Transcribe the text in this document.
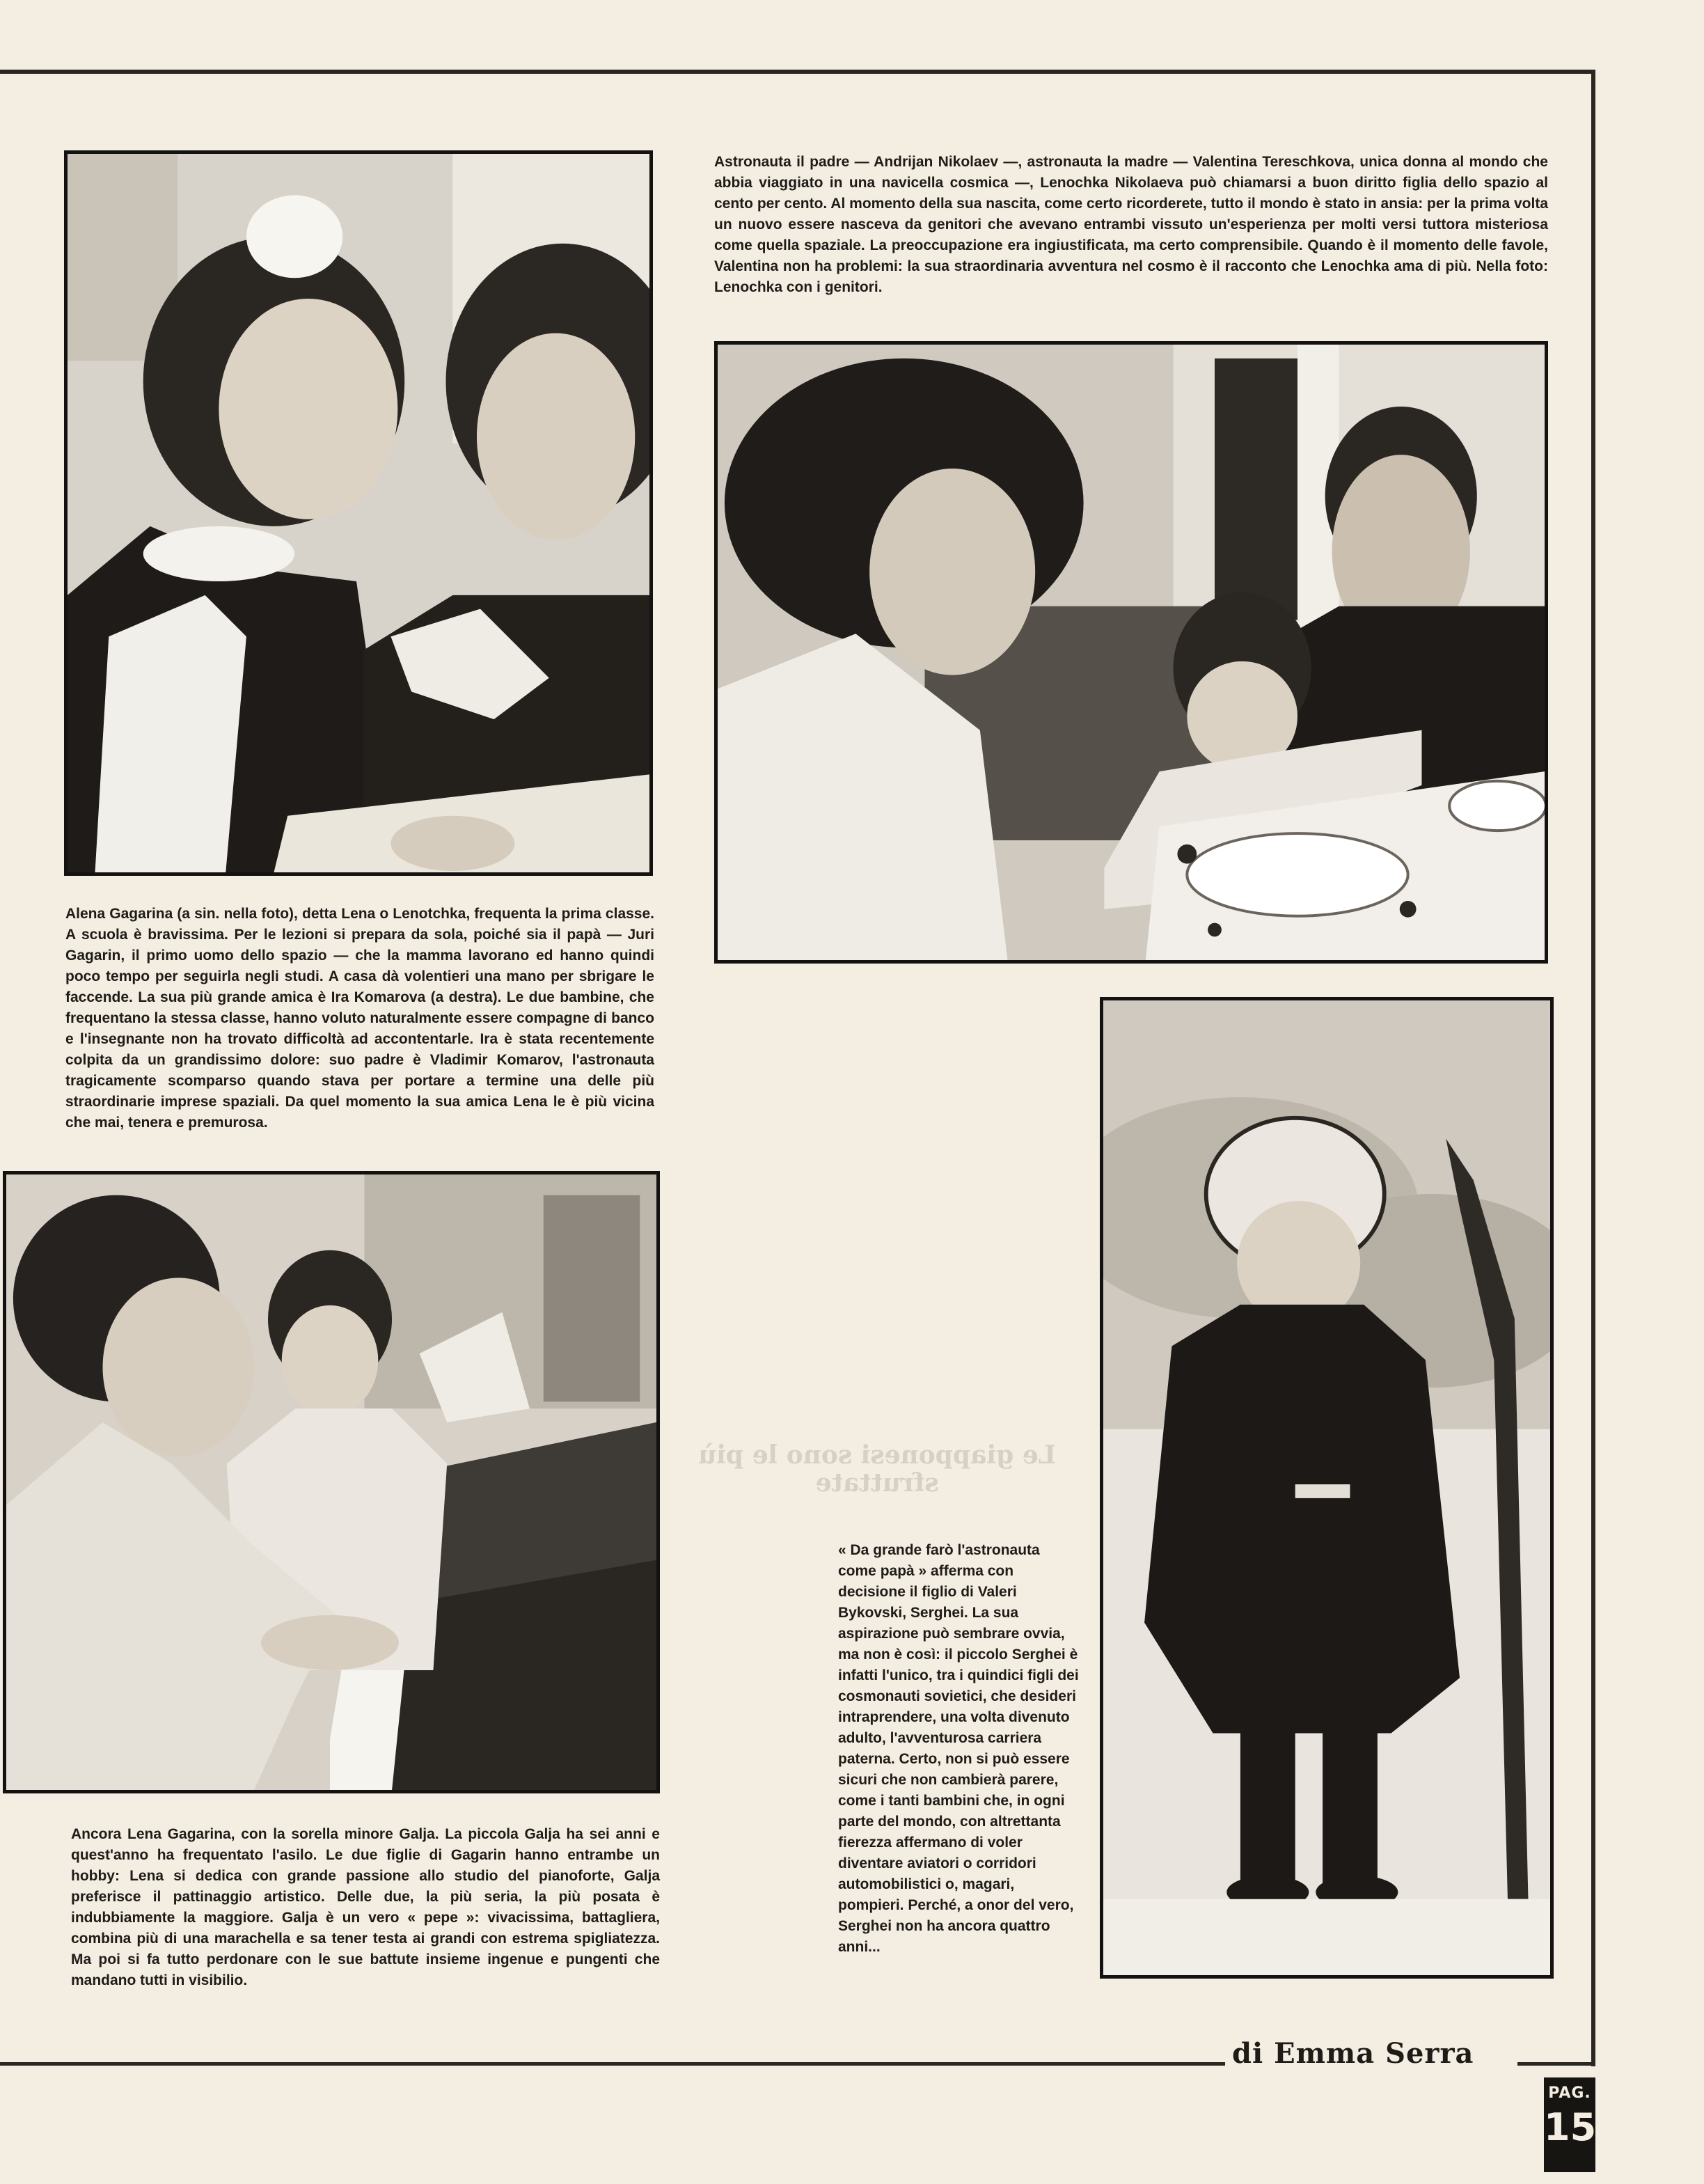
Le giapponesi sono le più sfruttate

Alena Gagarina (a sin. nella foto), detta Lena o Lenotchka, frequenta la prima classe. A scuola è bravissima. Per le lezioni si prepara da sola, poiché sia il papà — Juri Gagarin, il primo uomo dello spazio — che la mamma lavorano ed hanno quindi poco tempo per seguirla negli studi. A casa dà volentieri una mano per sbrigare le faccende. La sua più grande amica è Ira Komarova (a destra). Le due bambine, che frequentano la stessa classe, hanno voluto naturalmente essere compagne di banco e l'insegnante non ha trovato difficoltà ad accontentarle. Ira è stata recentemente colpita da un grandissimo dolore: suo padre è Vladimir Komarov, l'astronauta tragicamente scomparso quando stava per portare a termine una delle più straordinarie imprese spaziali. Da quel momento la sua amica Lena le è più vicina che mai, tenera e premurosa.

Astronauta il padre — Andrijan Nikolaev —, astronauta la madre — Valentina Tereschkova, unica donna al mondo che abbia viaggiato in una navicella cosmica —, Lenochka Nikolaeva può chiamarsi a buon diritto figlia dello spazio al cento per cento. Al momento della sua nascita, come certo ricorderete, tutto il mondo è stato in ansia: per la prima volta un nuovo essere nasceva da genitori che avevano entrambi vissuto un'esperienza per molti versi tuttora misteriosa come quella spaziale. La preoccupazione era ingiustificata, ma certo comprensibile. Quando è il momento delle favole, Valentina non ha problemi: la sua straordinaria avventura nel cosmo è il racconto che Lenochka ama di più. Nella foto: Lenochka con i genitori.

Ancora Lena Gagarina, con la sorella minore Galja. La piccola Galja ha sei anni e quest'anno ha frequentato l'asilo. Le due figlie di Gagarin hanno entrambe un hobby: Lena si dedica con grande passione allo studio del pianoforte, Galja preferisce il pattinaggio artistico. Delle due, la più seria, la più posata è indubbiamente la maggiore. Galja è un vero « pepe »: vivacissima, battagliera, combina più di una marachella e sa tener testa ai grandi con estrema spigliatezza. Ma poi si fa tutto perdonare con le sue battute insieme ingenue e pungenti che mandano tutti in visibilio.

« Da grande farò l'astronauta come papà » afferma con decisione il figlio di Valeri Bykovski, Serghei. La sua aspirazione può sembrare ovvia, ma non è così: il piccolo Serghei è infatti l'unico, tra i quindici figli dei cosmonauti sovietici, che desideri intraprendere, una volta divenuto adulto, l'avventurosa carriera paterna. Certo, non si può essere sicuri che non cambierà parere, come i tanti bambini che, in ogni parte del mondo, con altrettanta fierezza affermano di voler diventare aviatori o corridori automobilistici o, magari, pompieri. Perché, a onor del vero, Serghei non ha ancora quattro anni...

di Emma Serra
PAG.
15
